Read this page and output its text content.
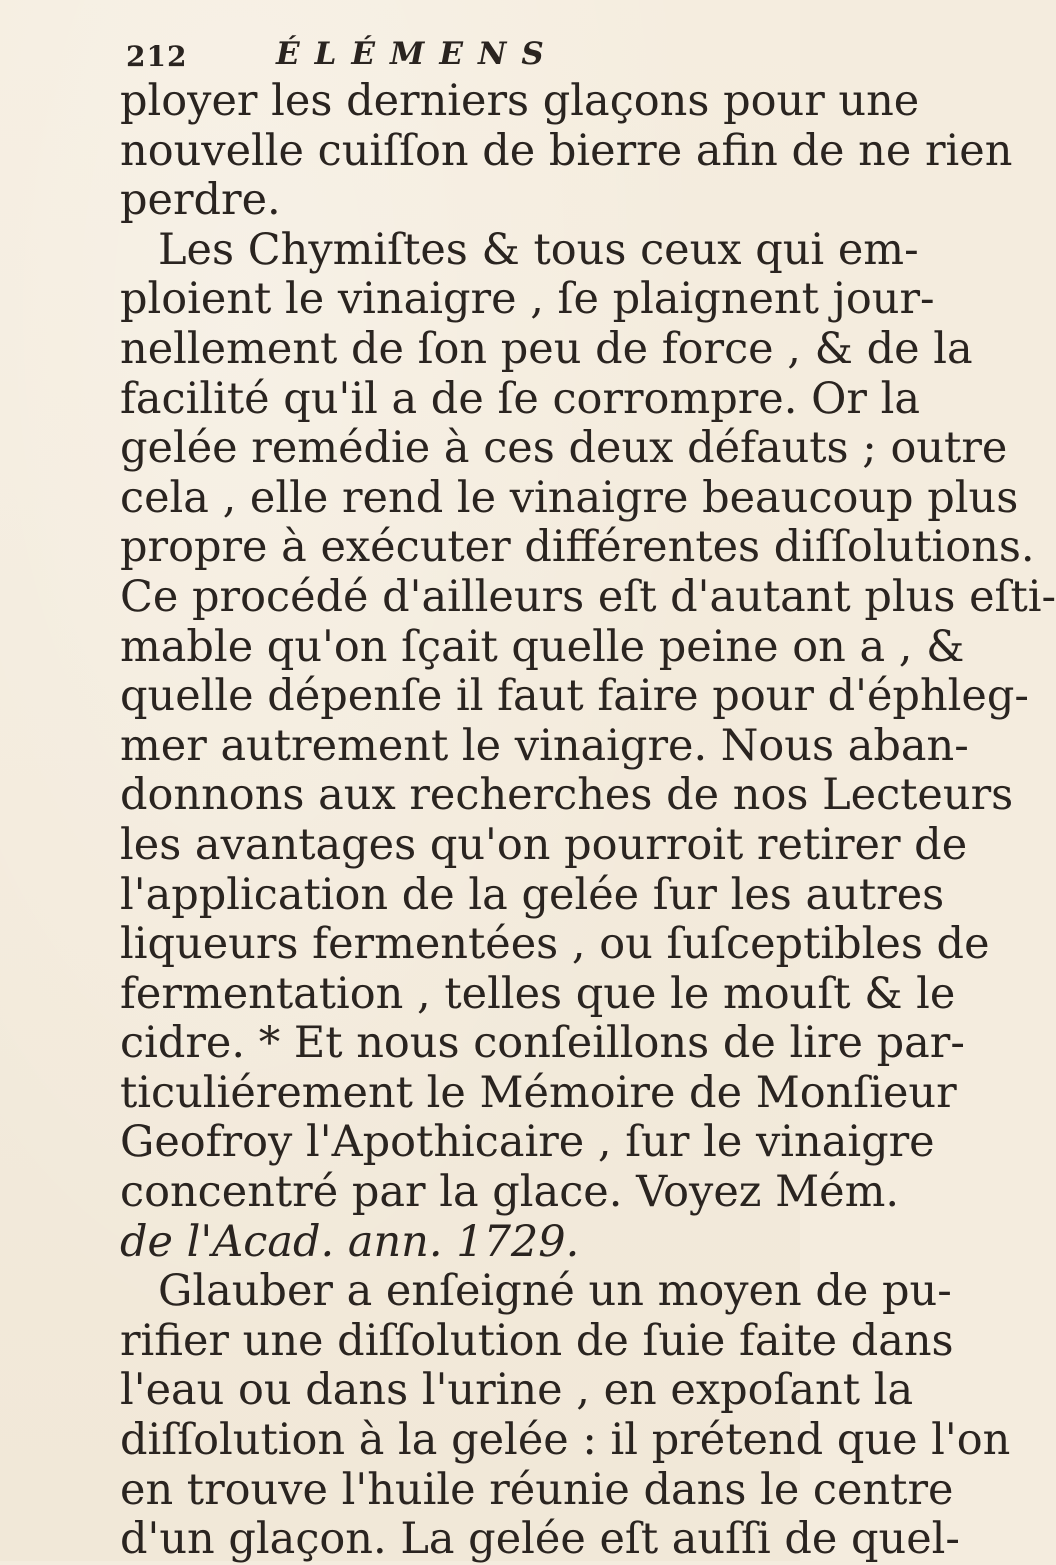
212	ÉLÉMENS
ployer les derniers glaçons pour une
nouvelle cuiſſon de bierre afin de ne rien
perdre.
Les Chymiſtes & tous ceux qui em-
ploient le vinaigre , ſe plaignent jour-
nellement de ſon peu de force , & de la
facilité qu'il a de ſe corrompre. Or la
gelée remédie à ces deux défauts ; outre
cela , elle rend le vinaigre beaucoup plus
propre à exécuter différentes diſſolutions.
Ce procédé d'ailleurs eſt d'autant plus eſti-
mable qu'on ſçait quelle peine on a , &
quelle dépenſe il faut faire pour d'éphleg-
mer autrement le vinaigre. Nous aban-
donnons aux recherches de nos Lecteurs
les avantages qu'on pourroit retirer de
l'application de la gelée ſur les autres
liqueurs fermentées , ou ſuſceptibles de
fermentation , telles que le mouſt & le
cidre. * Et nous conſeillons de lire par-
ticuliérement le Mémoire de Monſieur
Geofroy l'Apothicaire , ſur le vinaigre
concentré par la glace. Voyez Mém.
de l'Acad. ann. 1729.
Glauber a enſeigné un moyen de pu-
rifier une diſſolution de ſuie faite dans
l'eau ou dans l'urine , en expoſant la
diſſolution à la gelée : il prétend que l'on
en trouve l'huile réunie dans le centre
d'un glaçon. La gelée eſt auſſi de quel-
